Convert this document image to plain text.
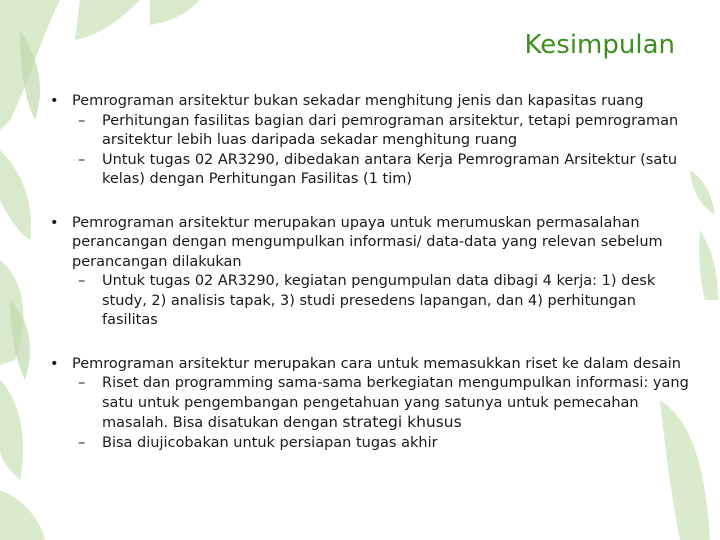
Kesimpulan
• Pemrograman arsitektur bukan sekadar menghitung jenis dan kapasitas ruang
– Perhitungan fasilitas bagian dari pemrograman arsitektur, tetapi pemrograman arsitektur lebih luas daripada sekadar menghitung ruang
– Untuk tugas 02 AR3290, dibedakan antara Kerja Pemrograman Arsitektur (satu kelas) dengan Perhitungan Fasilitas (1 tim)
• Pemrograman arsitektur merupakan upaya untuk merumuskan permasalahan perancangan dengan mengumpulkan informasi/ data-data yang relevan sebelum perancangan dilakukan
– Untuk tugas 02 AR3290, kegiatan pengumpulan data dibagi 4 kerja: 1) desk study, 2) analisis tapak, 3) studi presedens lapangan, dan 4) perhitungan fasilitas
• Pemrograman arsitektur merupakan cara untuk memasukkan riset ke dalam desain
– Riset dan programming sama-sama berkegiatan mengumpulkan informasi: yang satu untuk pengembangan pengetahuan yang satunya untuk pemecahan masalah. Bisa disatukan dengan strategi khusus
– Bisa diujicobakan untuk persiapan tugas akhir
